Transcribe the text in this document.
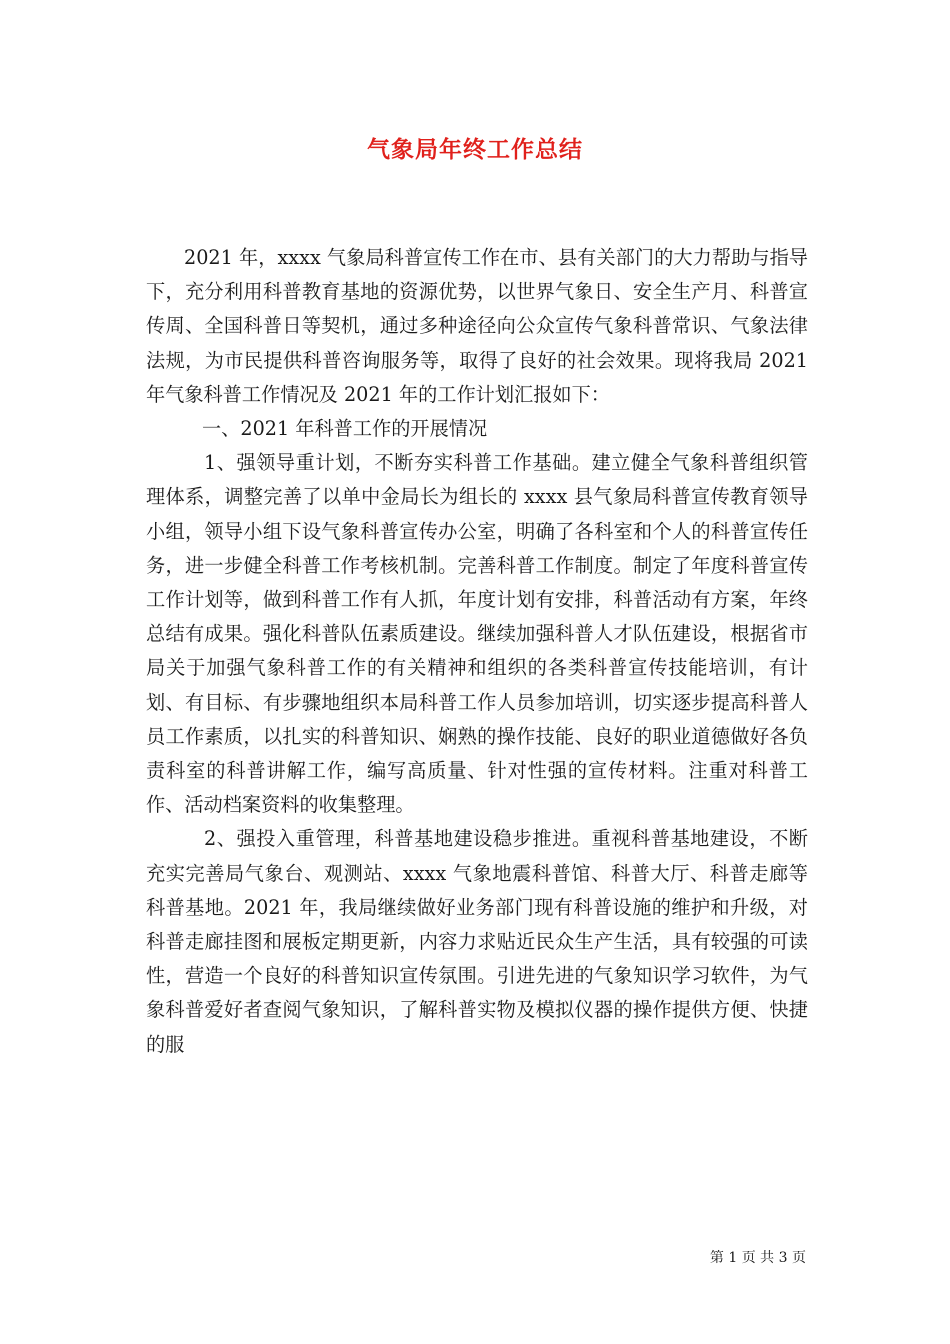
气象局年终工作总结

2021 年，xxxx 气象局科普宣传工作在市、县有关部门的大力帮助与指导下，充分利用科普教育基地的资源优势，以世界气象日、安全生产月、科普宣传周、全国科普日等契机，通过多种途径向公众宣传气象科普常识、气象法律法规，为市民提供科普咨询服务等，取得了良好的社会效果。现将我局 2021 年气象科普工作情况及 2021 年的工作计划汇报如下：

一、2021 年科普工作的开展情况

1、强领导重计划，不断夯实科普工作基础。建立健全气象科普组织管理体系，调整完善了以单中金局长为组长的 xxxx 县气象局科普宣传教育领导小组，领导小组下设气象科普宣传办公室，明确了各科室和个人的科普宣传任务，进一步健全科普工作考核机制。完善科普工作制度。制定了年度科普宣传工作计划等，做到科普工作有人抓，年度计划有安排，科普活动有方案，年终总结有成果。强化科普队伍素质建设。继续加强科普人才队伍建设，根据省市局关于加强气象科普工作的有关精神和组织的各类科普宣传技能培训，有计划、有目标、有步骤地组织本局科普工作人员参加培训，切实逐步提高科普人员工作素质，以扎实的科普知识、娴熟的操作技能、良好的职业道德做好各负责科室的科普讲解工作，编写高质量、针对性强的宣传材料。注重对科普工作、活动档案资料的收集整理。

2、强投入重管理，科普基地建设稳步推进。重视科普基地建设，不断充实完善局气象台、观测站、xxxx 气象地震科普馆、科普大厅、科普走廊等科普基地。2021 年，我局继续做好业务部门现有科普设施的维护和升级，对科普走廊挂图和展板定期更新，内容力求贴近民众生产生活，具有较强的可读性，营造一个良好的科普知识宣传氛围。引进先进的气象知识学习软件，为气象科普爱好者查阅气象知识，了解科普实物及模拟仪器的操作提供方便、快捷的服

第 1 页 共 3 页
